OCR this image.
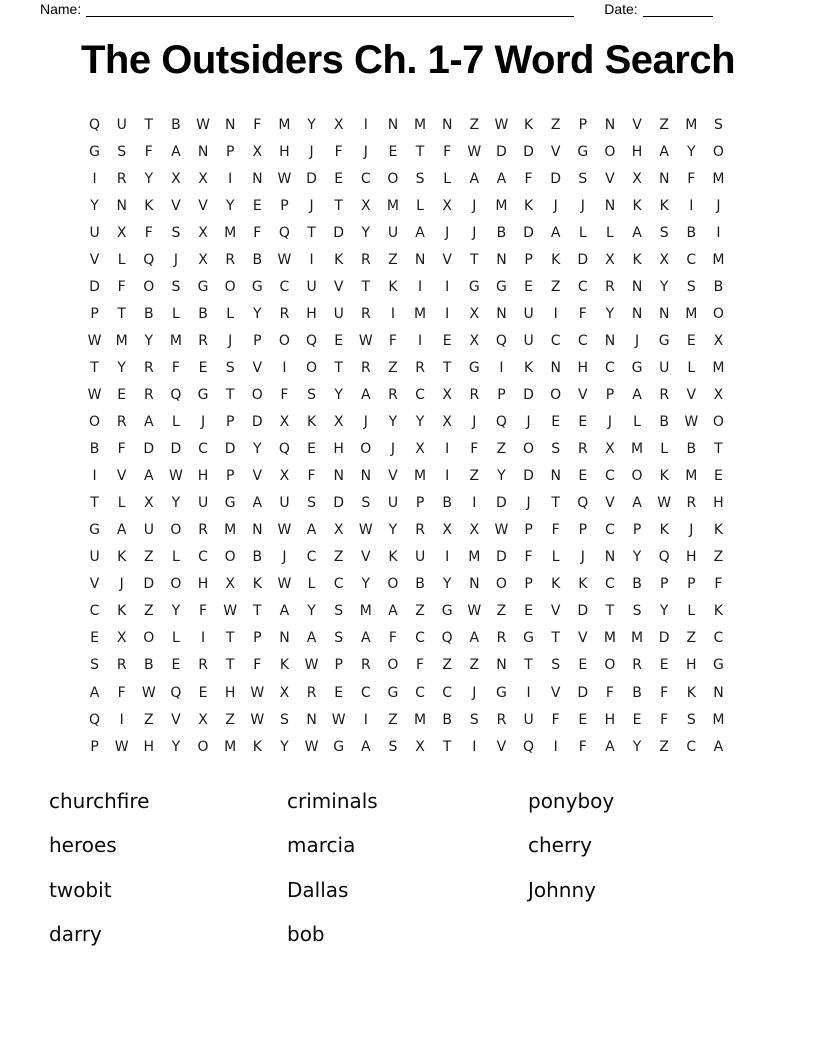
Name:	Date:
The Outsiders Ch. 1-7 Word Search
Q	U	T	B	W	N	F	M	Y	X	I	N	M	N	Z	W	K	Z	P	N	V	Z	M	S
G	S	F	A	N	P	X	H	J	F	J	E	T	F	W	D	D	V	G	O	H	A	Y	O
I	R	Y	X	X	I	N	W	D	E	C	O	S	L	A	A	F	D	S	V	X	N	F	M
Y	N	K	V	V	Y	E	P	J	T	X	M	L	X	J	M	K	J	J	N	K	K	I	J
U	X	F	S	X	M	F	Q	T	D	Y	U	A	J	J	B	D	A	L	L	A	S	B	I
V	L	Q	J	X	R	B	W	I	K	R	Z	N	V	T	N	P	K	D	X	K	X	C	M
D	F	O	S	G	O	G	C	U	V	T	K	I	I	G	G	E	Z	C	R	N	Y	S	B
P	T	B	L	B	L	Y	R	H	U	R	I	M	I	X	N	U	I	F	Y	N	N	M	O
W	M	Y	M	R	J	P	O	Q	E	W	F	I	E	X	Q	U	C	C	N	J	G	E	X
T	Y	R	F	E	S	V	I	O	T	R	Z	R	T	G	I	K	N	H	C	G	U	L	M
W	E	R	Q	G	T	O	F	S	Y	A	R	C	X	R	P	D	O	V	P	A	R	V	X
O	R	A	L	J	P	D	X	K	X	J	Y	Y	X	J	Q	J	E	E	J	L	B	W	O
B	F	D	D	C	D	Y	Q	E	H	O	J	X	I	F	Z	O	S	R	X	M	L	B	T
I	V	A	W	H	P	V	X	F	N	N	V	M	I	Z	Y	D	N	E	C	O	K	M	E
T	L	X	Y	U	G	A	U	S	D	S	U	P	B	I	D	J	T	Q	V	A	W	R	H
G	A	U	O	R	M	N	W	A	X	W	Y	R	X	X	W	P	F	P	C	P	K	J	K
U	K	Z	L	C	O	B	J	C	Z	V	K	U	I	M	D	F	L	J	N	Y	Q	H	Z
V	J	D	O	H	X	K	W	L	C	Y	O	B	Y	N	O	P	K	K	C	B	P	P	F
C	K	Z	Y	F	W	T	A	Y	S	M	A	Z	G	W	Z	E	V	D	T	S	Y	L	K
E	X	O	L	I	T	P	N	A	S	A	F	C	Q	A	R	G	T	V	M	M	D	Z	C
S	R	B	E	R	T	F	K	W	P	R	O	F	Z	Z	N	T	S	E	O	R	E	H	G
A	F	W	Q	E	H	W	X	R	E	C	G	C	C	J	G	I	V	D	F	B	F	K	N
Q	I	Z	V	X	Z	W	S	N	W	I	Z	M	B	S	R	U	F	E	H	E	F	S	M
P	W	H	Y	O	M	K	Y	W	G	A	S	X	T	I	V	Q	I	F	A	Y	Z	C	A
churchfire
heroes
twobit
darry
criminals
marcia
Dallas
bob
ponyboy
cherry
Johnny
